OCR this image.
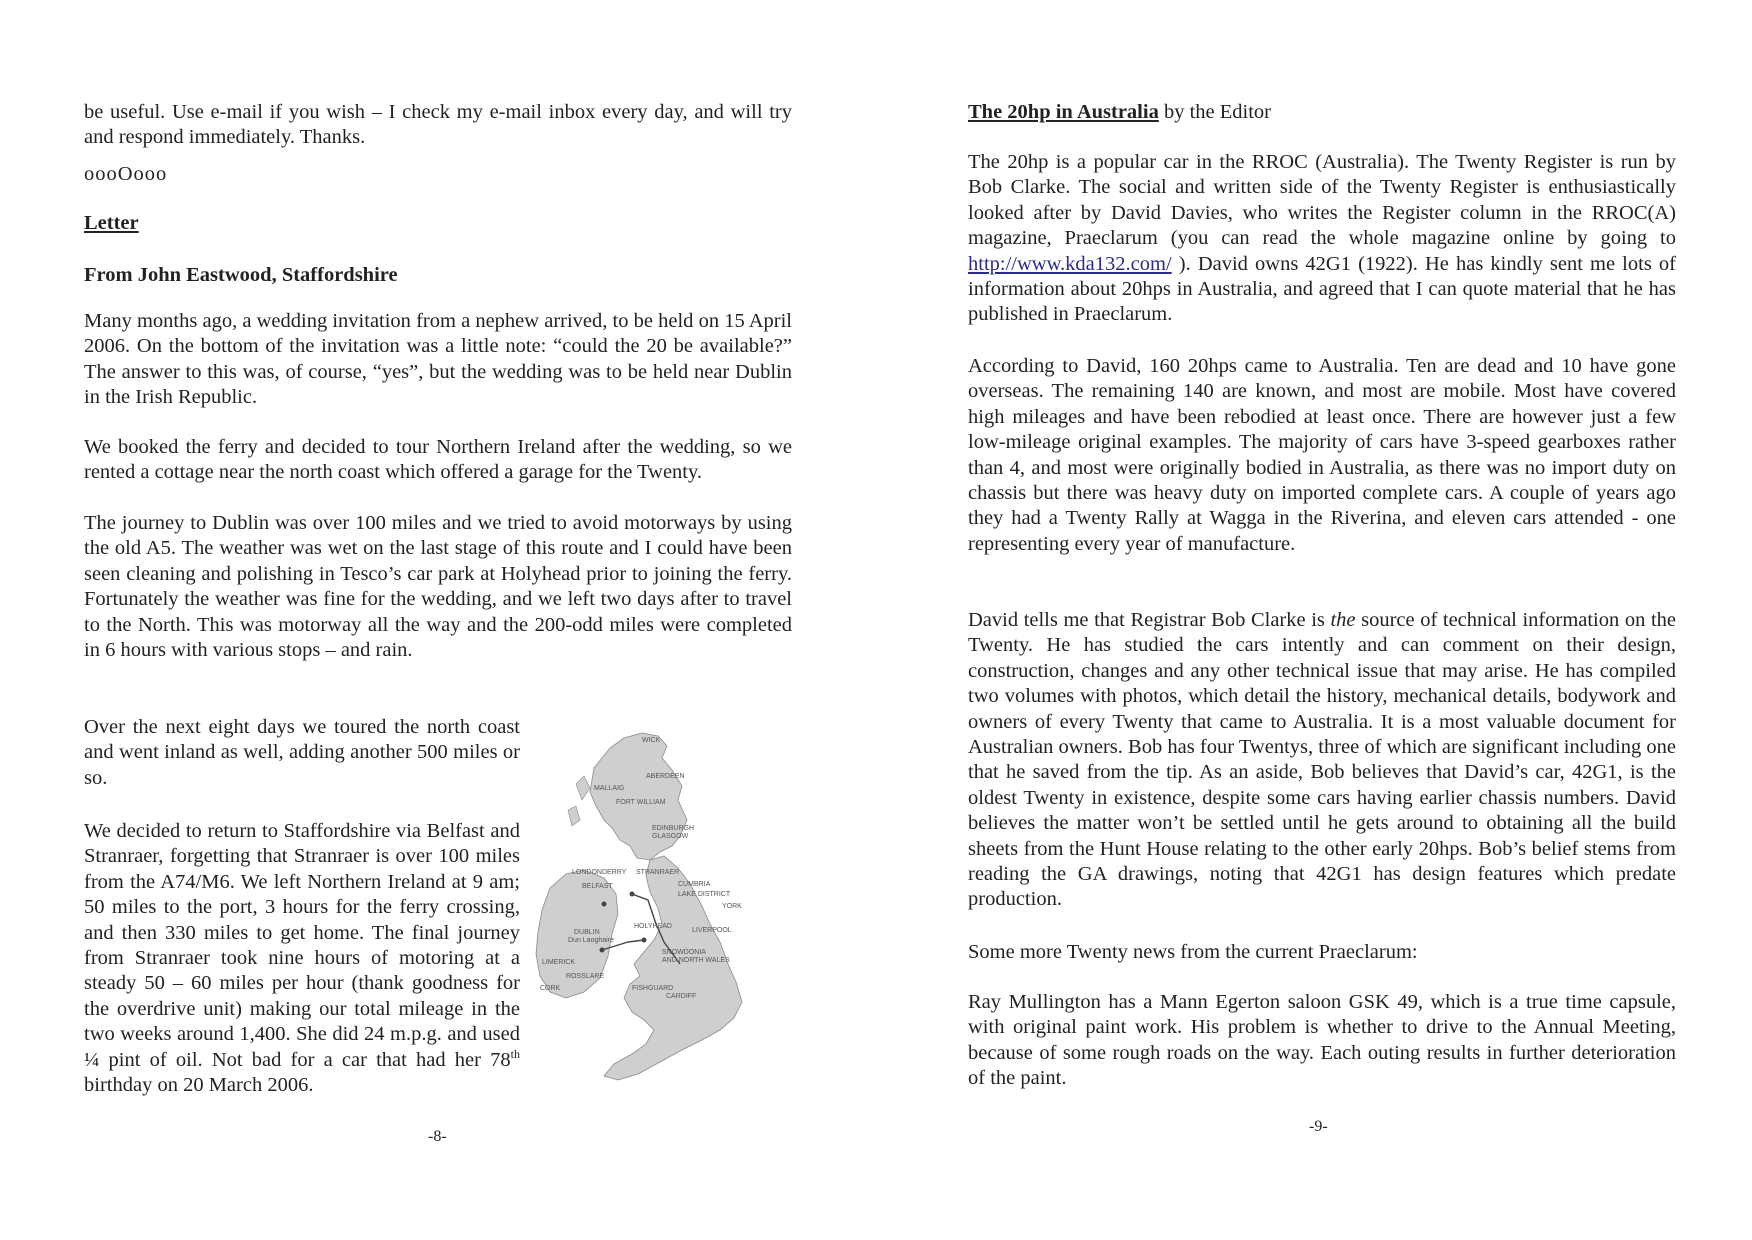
be useful. Use e-mail if you wish – I check my e-mail inbox every day, and will try and respond immediately. Thanks.
oooOooo
Letter
From John Eastwood, Staffordshire
Many months ago, a wedding invitation from a nephew arrived, to be held on 15 April 2006. On the bottom of the invitation was a little note: “could the 20 be available?” The answer to this was, of course, “yes”, but the wedding was to be held near Dublin in the Irish Republic.
We booked the ferry and decided to tour Northern Ireland after the wedding, so we rented a cottage near the north coast which offered a garage for the Twenty.
The journey to Dublin was over 100 miles and we tried to avoid motorways by using the old A5. The weather was wet on the last stage of this route and I could have been seen cleaning and polishing in Tesco’s car park at Holyhead prior to joining the ferry. Fortunately the weather was fine for the wedding, and we left two days after to travel to the North. This was motorway all the way and the 200-odd miles were completed in 6 hours with various stops – and rain.
Over the next eight days we toured the north coast and went inland as well, adding another 500 miles or so.
We decided to return to Staffordshire via Belfast and Stranraer, forgetting that Stranraer is over 100 miles from the A74/M6. We left Northern Ireland at 9 am; 50 miles to the port, 3 hours for the ferry crossing, and then 330 miles to get home. The final journey from Stranraer took nine hours of motoring at a steady 50 – 60 miles per hour (thank goodness for the overdrive unit) making our total mileage in the two weeks around 1,400. She did 24 m.p.g. and used ¼ pint of oil. Not bad for a car that had her 78th birthday on 20 March 2006.
WICK
ABERDEEN
MALLAIG
FORT WILLIAM
EDINBURGH
GLASGOW
STRANRAER
LONDONDERRY
BELFAST	CUMBRIA
LAKE DISTRICT
YORK
HOLYHEAD
LIVERPOOL
DUBLIN
Dun Laoghaire
SNOWDONIA
AND NORTH WALES
LIMERICK
ROSSLARE
CORK	FISHGUARD
CARDIFF
-8-
The 20hp in Australia by the Editor
The 20hp is a popular car in the RROC (Australia). The Twenty Register is run by Bob Clarke. The social and written side of the Twenty Register is enthusiastically looked after by David Davies, who writes the Register column in the RROC(A) magazine, Praeclarum (you can read the whole magazine online by going to http://www.kda132.com/ ). David owns 42G1 (1922). He has kindly sent me lots of information about 20hps in Australia, and agreed that I can quote material that he has published in Praeclarum.
According to David, 160 20hps came to Australia. Ten are dead and 10 have gone overseas. The remaining 140 are known, and most are mobile. Most have covered high mileages and have been rebodied at least once. There are however just a few low-mileage original examples. The majority of cars have 3-speed gearboxes rather than 4, and most were originally bodied in Australia, as there was no import duty on chassis but there was heavy duty on imported complete cars. A couple of years ago they had a Twenty Rally at Wagga in the Riverina, and eleven cars attended - one representing every year of manufacture.
David tells me that Registrar Bob Clarke is the source of technical information on the Twenty. He has studied the cars intently and can comment on their design, construction, changes and any other technical issue that may arise. He has compiled two volumes with photos, which detail the history, mechanical details, bodywork and owners of every Twenty that came to Australia. It is a most valuable document for Australian owners. Bob has four Twentys, three of which are significant including one that he saved from the tip. As an aside, Bob believes that David’s car, 42G1, is the oldest Twenty in existence, despite some cars having earlier chassis numbers. David believes the matter won’t be settled until he gets around to obtaining all the build sheets from the Hunt House relating to the other early 20hps. Bob’s belief stems from reading the GA drawings, noting that 42G1 has design features which predate production.
Some more Twenty news from the current Praeclarum:
Ray Mullington has a Mann Egerton saloon GSK 49, which is a true time capsule, with original paint work. His problem is whether to drive to the Annual Meeting, because of some rough roads on the way. Each outing results in further deterioration of the paint.
-9-
